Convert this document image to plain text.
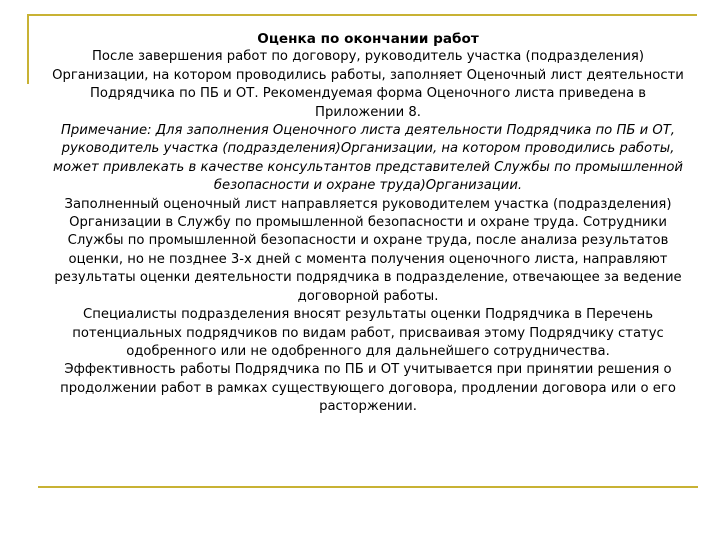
Оценка по окончании работ

После завершения работ по договору, руководитель участка (подразделения) Организации, на котором проводились работы, заполняет Оценочный лист деятельности Подрядчика по ПБ и ОТ. Рекомендуемая форма Оценочного листа приведена в Приложении 8.

Примечание: Для заполнения Оценочного листа деятельности Подрядчика по ПБ и ОТ, руководитель участка (подразделения)Организации, на котором проводились работы, может привлекать в качестве консультантов представителей Службы по промышленной безопасности и охране труда)Организации.

Заполненный оценочный лист направляется руководителем участка (подразделения) Организации в Службу по промышленной безопасности и охране труда. Сотрудники Службы по промышленной безопасности и охране труда, после анализа результатов оценки, но не позднее 3-х дней с момента получения оценочного листа, направляют результаты оценки деятельности подрядчика в подразделение, отвечающее за ведение договорной работы.

Специалисты подразделения вносят результаты оценки Подрядчика в Перечень потенциальных подрядчиков по видам работ, присваивая этому Подрядчику статус одобренного или не одобренного для дальнейшего сотрудничества.

Эффективность работы Подрядчика по ПБ и ОТ учитывается при принятии решения о продолжении работ в рамках существующего договора, продлении договора или о его расторжении.
